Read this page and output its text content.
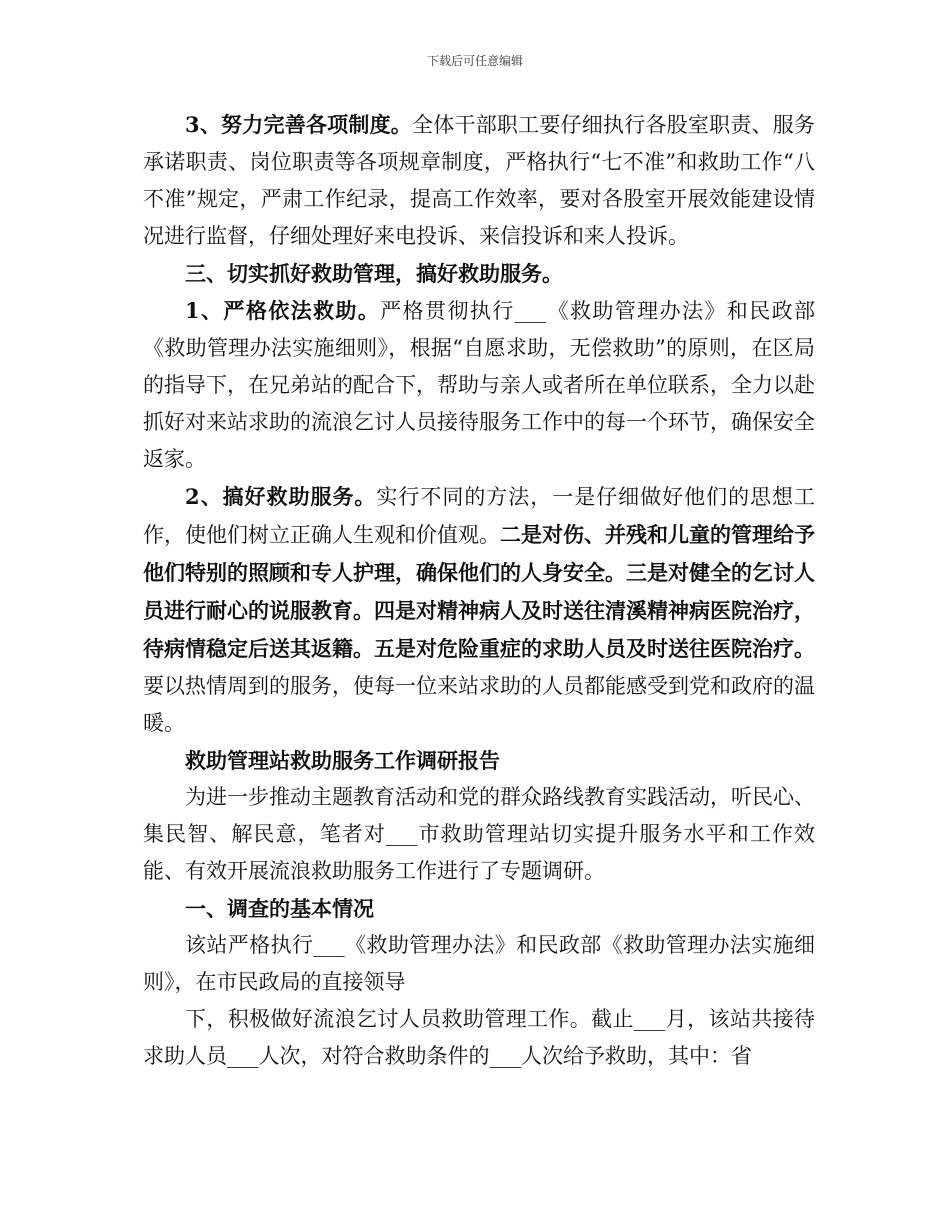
下载后可任意编辑

3、努力完善各项制度。全体干部职工要仔细执行各股室职责、服务承诺职责、岗位职责等各项规章制度，严格执行“七不准”和救助工作“八不准”规定，严肃工作纪录，提高工作效率，要对各股室开展效能建设情况进行监督，仔细处理好来电投诉、来信投诉和来人投诉。

三、切实抓好救助管理，搞好救助服务。

1、严格依法救助。严格贯彻执行___《救助管理办法》和民政部《救助管理办法实施细则》，根据“自愿求助，无偿救助”的原则，在区局的指导下，在兄弟站的配合下，帮助与亲人或者所在单位联系，全力以赴抓好对来站求助的流浪乞讨人员接待服务工作中的每一个环节，确保安全返家。

2、搞好救助服务。实行不同的方法，一是仔细做好他们的思想工作，使他们树立正确人生观和价值观。二是对伤、并残和儿童的管理给予他们特别的照顾和专人护理，确保他们的人身安全。三是对健全的乞讨人员进行耐心的说服教育。四是对精神病人及时送往清溪精神病医院治疗，待病情稳定后送其返籍。五是对危险重症的求助人员及时送往医院治疗。要以热情周到的服务，使每一位来站求助的人员都能感受到党和政府的温暖。

救助管理站救助服务工作调研报告

为进一步推动主题教育活动和党的群众路线教育实践活动，听民心、集民智、解民意，笔者对___市救助管理站切实提升服务水平和工作效能、有效开展流浪救助服务工作进行了专题调研。

一、调查的基本情况

该站严格执行___《救助管理办法》和民政部《救助管理办法实施细则》，在市民政局的直接领导

下，积极做好流浪乞讨人员救助管理工作。截止___月，该站共接待求助人员___人次，对符合救助条件的___人次给予救助，其中：省
